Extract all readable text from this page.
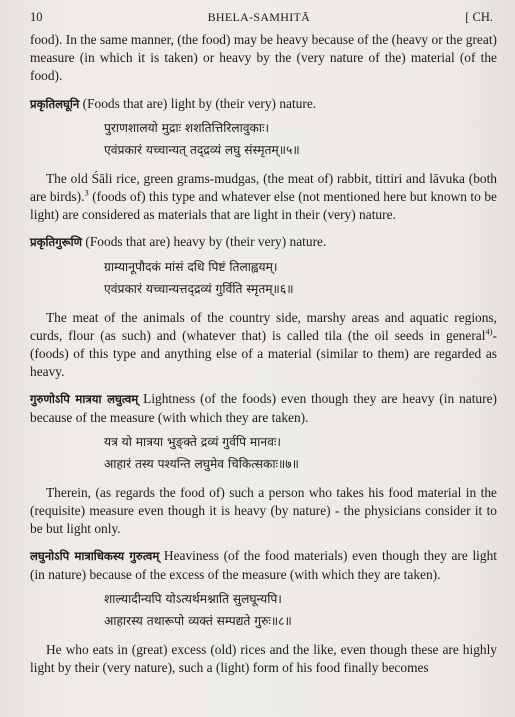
10	BHELA-SAMHITĀ	[ CH.

food). In the same manner, (the food) may be heavy because of the (heavy or the great) measure (in which it is taken) or heavy by the (very nature of the) material (of the food).

प्रकृतिलघूनि (Foods that are) light by (their very) nature.

पुराणशालयो मुद्राः शशतित्तिरिलावुकाः।

एवंप्रकारं यच्चान्यत् तद्द्रव्यं लघु संस्मृतम्॥५॥

The old Śāli rice, green grams-mudgas, (the meat of) rabbit, tittiri and lāvuka (both are birds).$^3$ (foods of) this type and whatever else (not mentioned here but known to be light) are considered as materials that are light in their (very) nature.

प्रकृतिगुरूणि (Foods that are) heavy by (their very) nature.

ग्राम्यानूपौदकं मांसं दधि पिष्टं तिलाह्वयम्।

एवंप्रकारं यच्चान्यत्तद्द्रव्यं गुर्विति स्मृतम्॥६॥

The meat of the animals of the country side, marshy areas and aquatic regions, curds, flour (as such) and (whatever that) is called tila (the oil seeds in general$^{4)}$- (foods) of this type and anything else of a material (similar to them) are regarded as heavy.

गुरुणोऽपि मात्रया लघुत्वम् Lightness (of the foods) even though they are heavy (in nature) because of the measure (with which they are taken).

यत्र यो मात्रया भुङ्क्ते द्रव्यं गुर्वपि मानवः।

आहारं तस्य पश्यन्ति लघुमेव चिकित्सकाः॥७॥

Therein, (as regards the food of) such a person who takes his food material in the (requisite) measure even though it is heavy (by nature) - the physicians consider it to be but light only.

लघुनोऽपि मात्राधिकस्य गुरुत्वम् Heaviness (of the food materials) even though they are light (in nature) because of the excess of the measure (with which they are taken).

शाल्यादीन्यपि योऽत्यर्थमश्नाति सुलघून्यपि।

आहारस्य तथारूपो व्यक्तं सम्पद्यते गुरुः॥८॥

He who eats in (great) excess (old) rices and the like, even though these are highly light by their (very nature), such a (light) form of his food finally becomes
